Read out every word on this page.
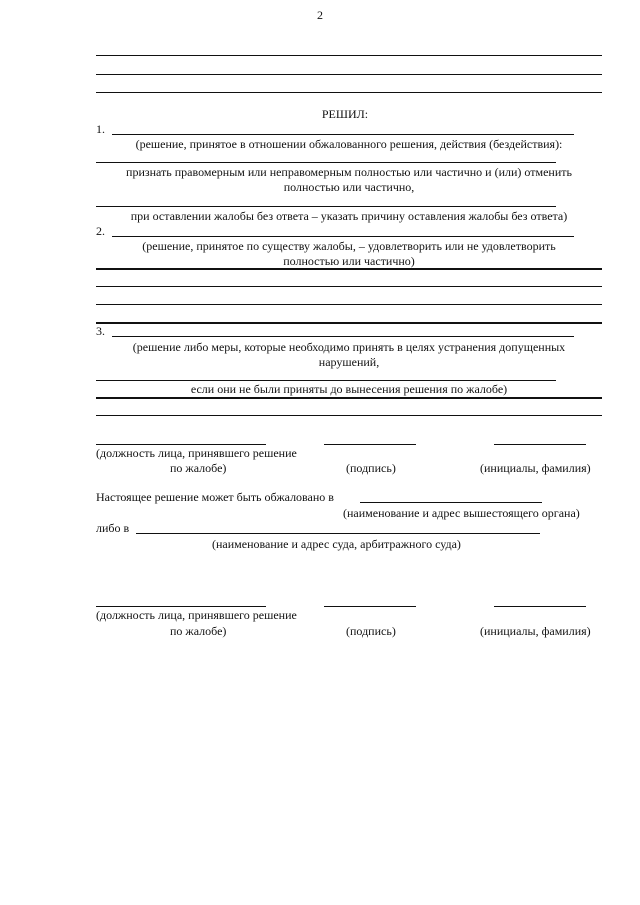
2
РЕШИЛ:
1.
(решение, принятое в отношении обжалованного решения, действия (бездействия):
признать правомерным или неправомерным полностью или частично и (или) отменить
полностью или частично,
при оставлении жалобы без ответа – указать причину оставления жалобы без ответа)
2.
(решение, принятое по существу жалобы, – удовлетворить или не удовлетворить
полностью или частично)
3.
(решение либо меры, которые необходимо принять в целях устранения допущенных
нарушений,
если они не были приняты до вынесения решения по жалобе)
(должность лица, принявшего решение
по жалобе)	(подпись)	(инициалы, фамилия)
Настоящее решение может быть обжаловано в
(наименование и адрес вышестоящего органа)
либо в
(наименование и адрес суда, арбитражного суда)
(должность лица, принявшего решение
по жалобе)	(подпись)	(инициалы, фамилия)
